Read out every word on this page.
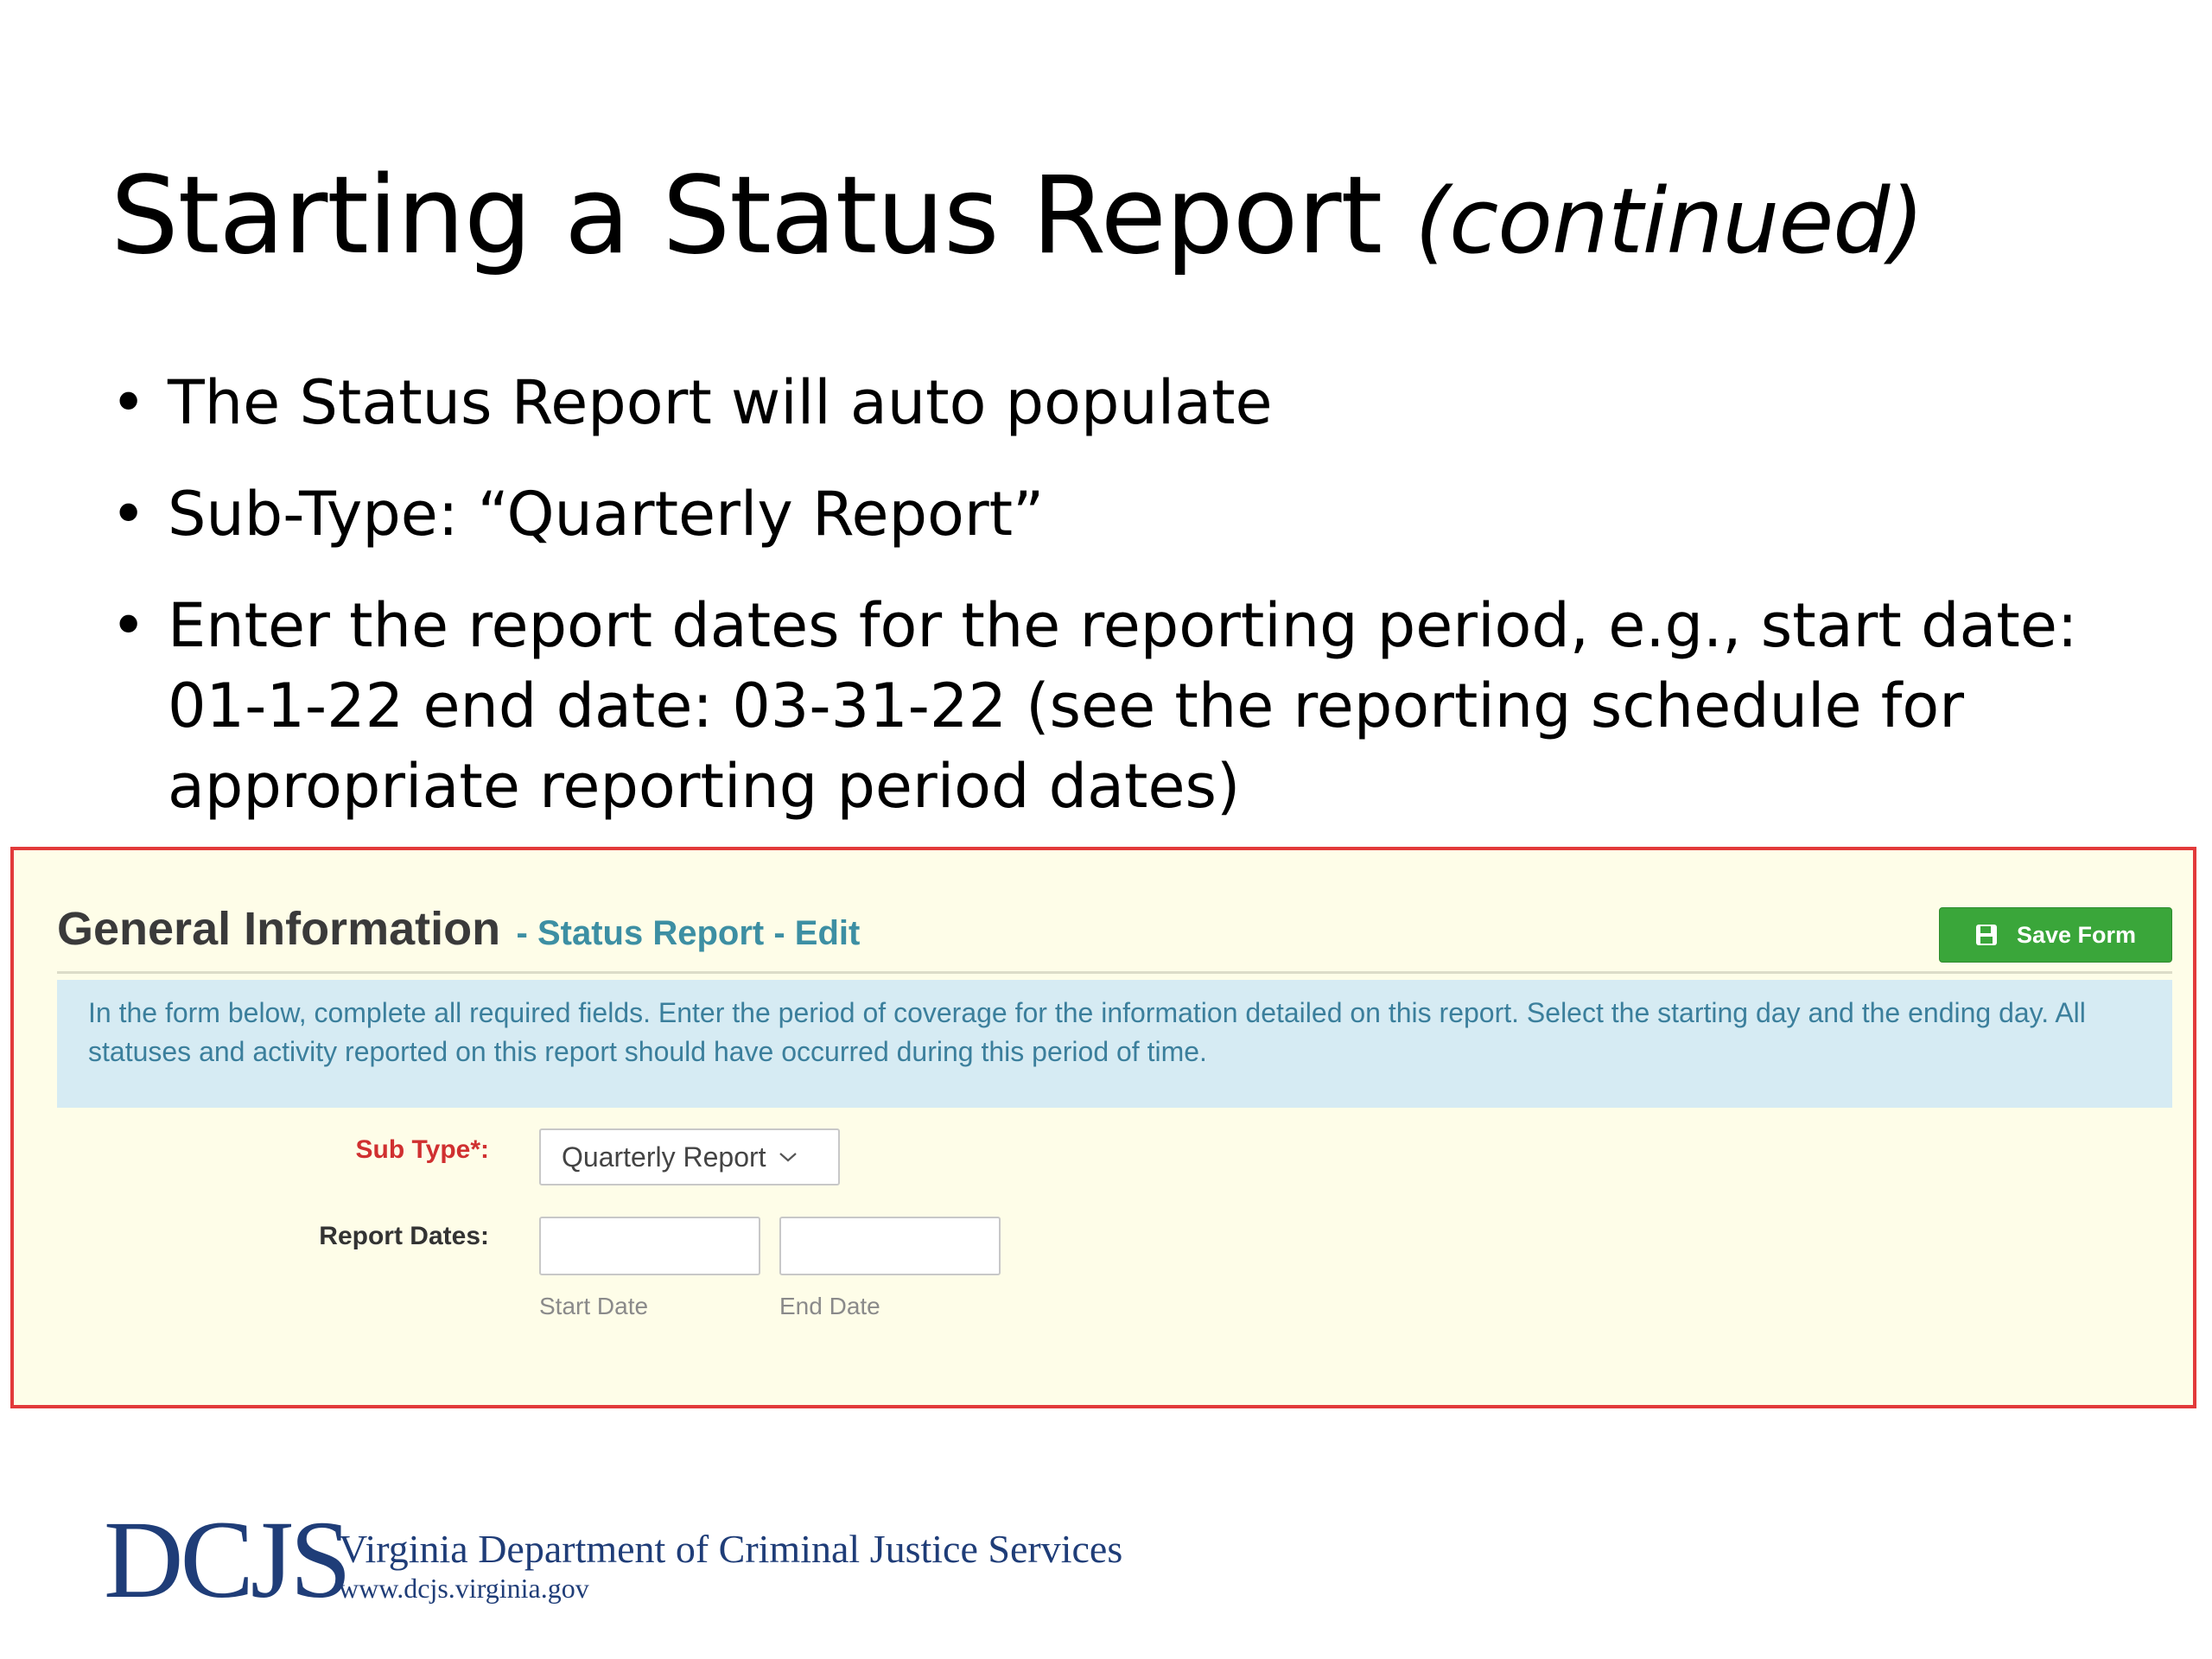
Starting a Status Report (continued)
• The Status Report will auto populate
• Sub-Type: “Quarterly Report”
• Enter the report dates for the reporting period, e.g., start date: 01-1-22 end date: 03-31-22 (see the reporting schedule for appropriate reporting period dates)
General Information - Status Report - Edit	Save Form
In the form below, complete all required fields. Enter the period of coverage for the information detailed on this report. Select the starting day and the ending day. All statuses and activity reported on this report should have occurred during this period of time.
Sub Type*:	Quarterly Report
Report Dates:
Start Date	End Date
DCJS
Virginia Department of Criminal Justice Services
www.dcjs.virginia.gov
